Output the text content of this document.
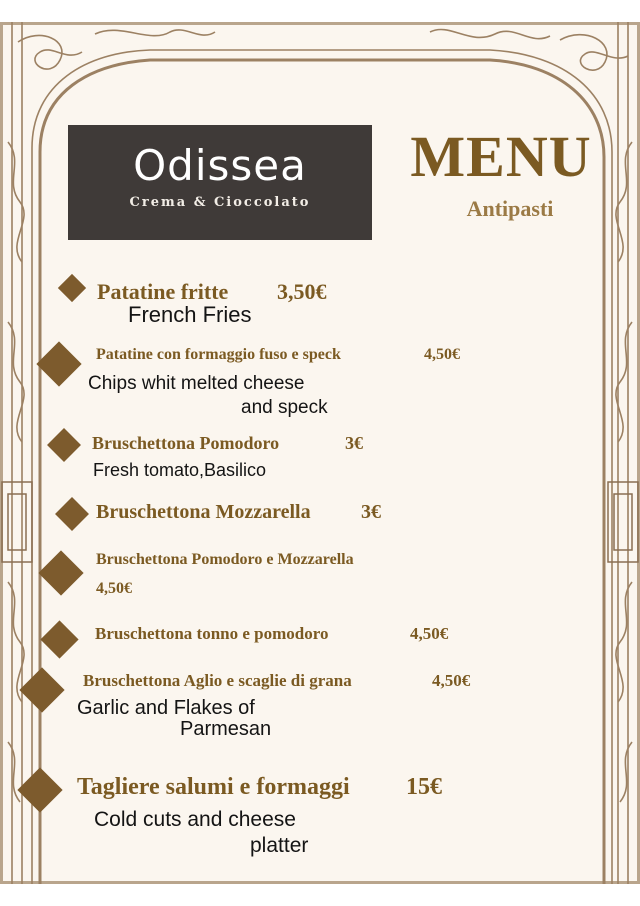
Odissea
Crema & Cioccolato
MENU
Antipasti
Patatine fritte 3,50€
French Fries
Patatine con formaggio fuso e speck	4,50€
Chips whit melted cheese
and speck
Bruschettona Pomodoro	3€
Fresh tomato,Basilico
Bruschettona Mozzarella	3€
Bruschettona Pomodoro e Mozzarella
4,50€
Bruschettona tonno e pomodoro	4,50€
Bruschettona Aglio e scaglie di grana	4,50€
Garlic and Flakes of
Parmesan
Tagliere salumi e formaggi 15€
Cold cuts and cheese
platter
